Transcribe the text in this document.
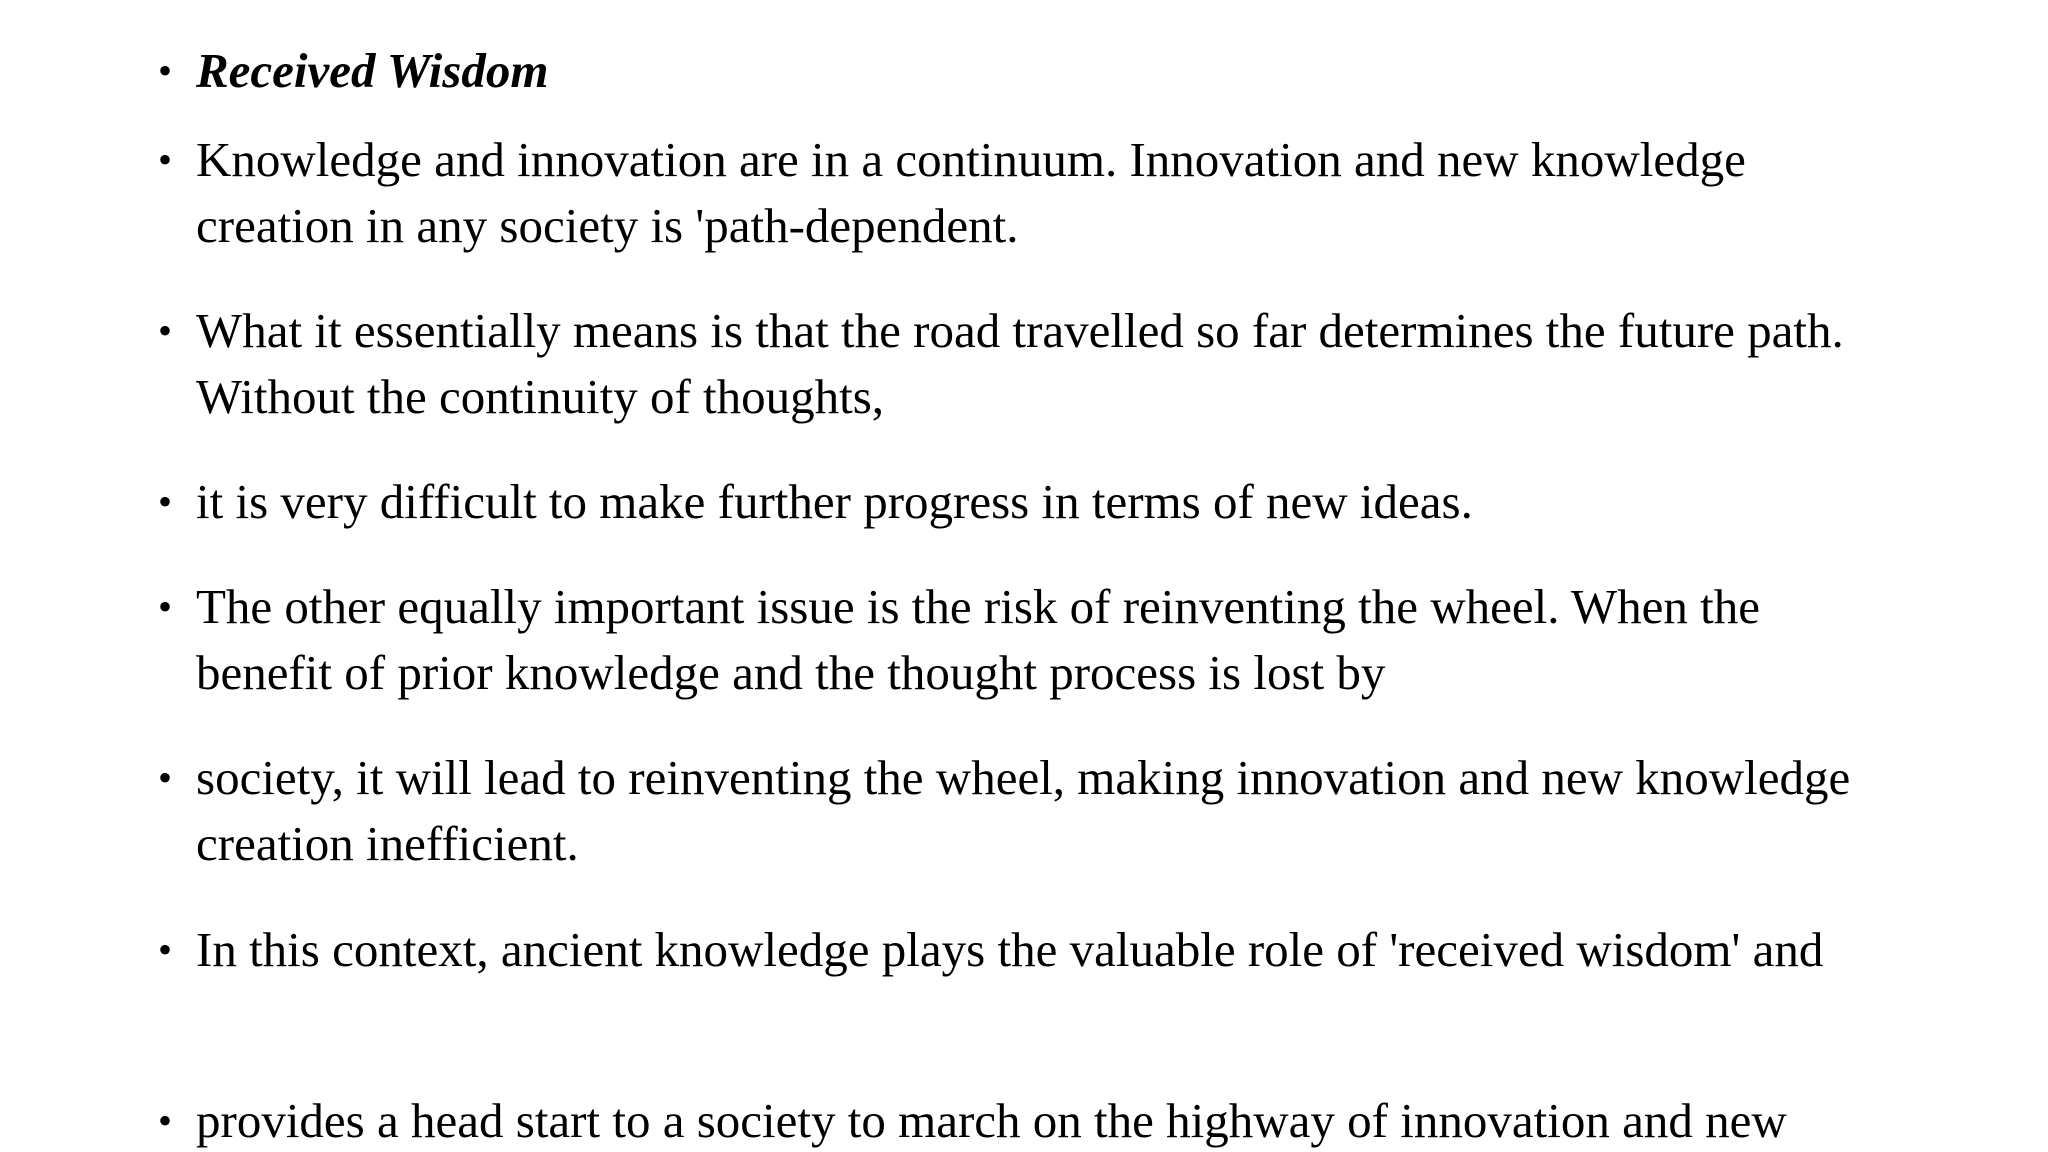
• Received Wisdom
• Knowledge and innovation are in a continuum. Innovation and new knowledge creation in any society is 'path-dependent.
• What it essentially means is that the road travelled so far determines the future path. Without the continuity of thoughts,
• it is very difficult to make further progress in terms of new ideas.
• The other equally important issue is the risk of reinventing the wheel. When the benefit of prior knowledge and the thought process is lost by
• society, it will lead to reinventing the wheel, making innovation and new knowledge creation inefficient.
• In this context, ancient knowledge plays the valuable role of 'received wisdom' and
• provides a head start to a society to march on the highway of innovation and new
